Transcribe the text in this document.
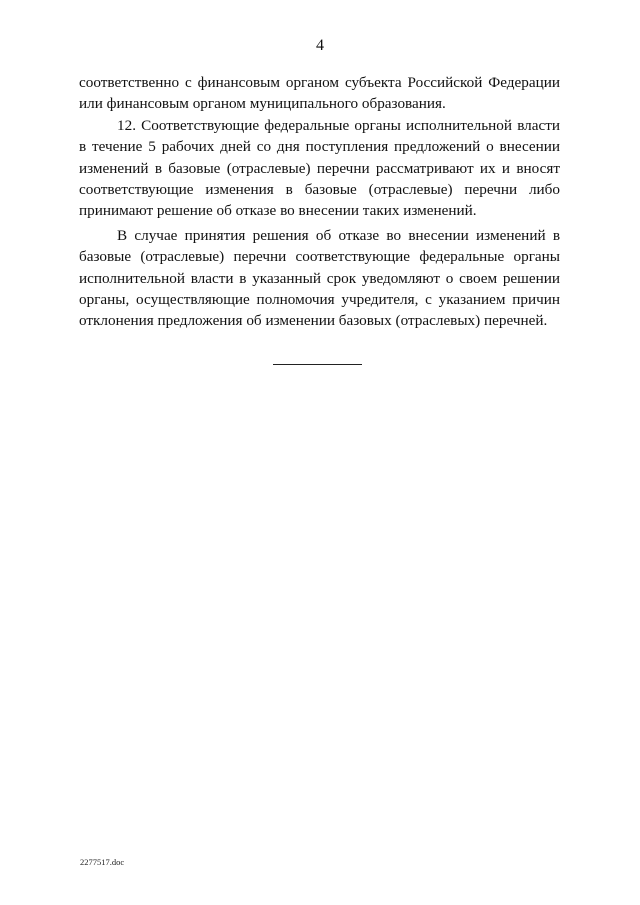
4

соответственно с финансовым органом субъекта Российской Федерации или финансовым органом муниципального образования.

12. Соответствующие федеральные органы исполнительной власти в течение 5 рабочих дней со дня поступления предложений о внесении изменений в базовые (отраслевые) перечни рассматривают их и вносят соответствующие изменения в базовые (отраслевые) перечни либо принимают решение об отказе во внесении таких изменений.

В случае принятия решения об отказе во внесении изменений в базовые (отраслевые) перечни соответствующие федеральные органы исполнительной власти в указанный срок уведомляют о своем решении органы, осуществляющие полномочия учредителя, с указанием причин отклонения предложения об изменении базовых (отраслевых) перечней.

2277517.doc
